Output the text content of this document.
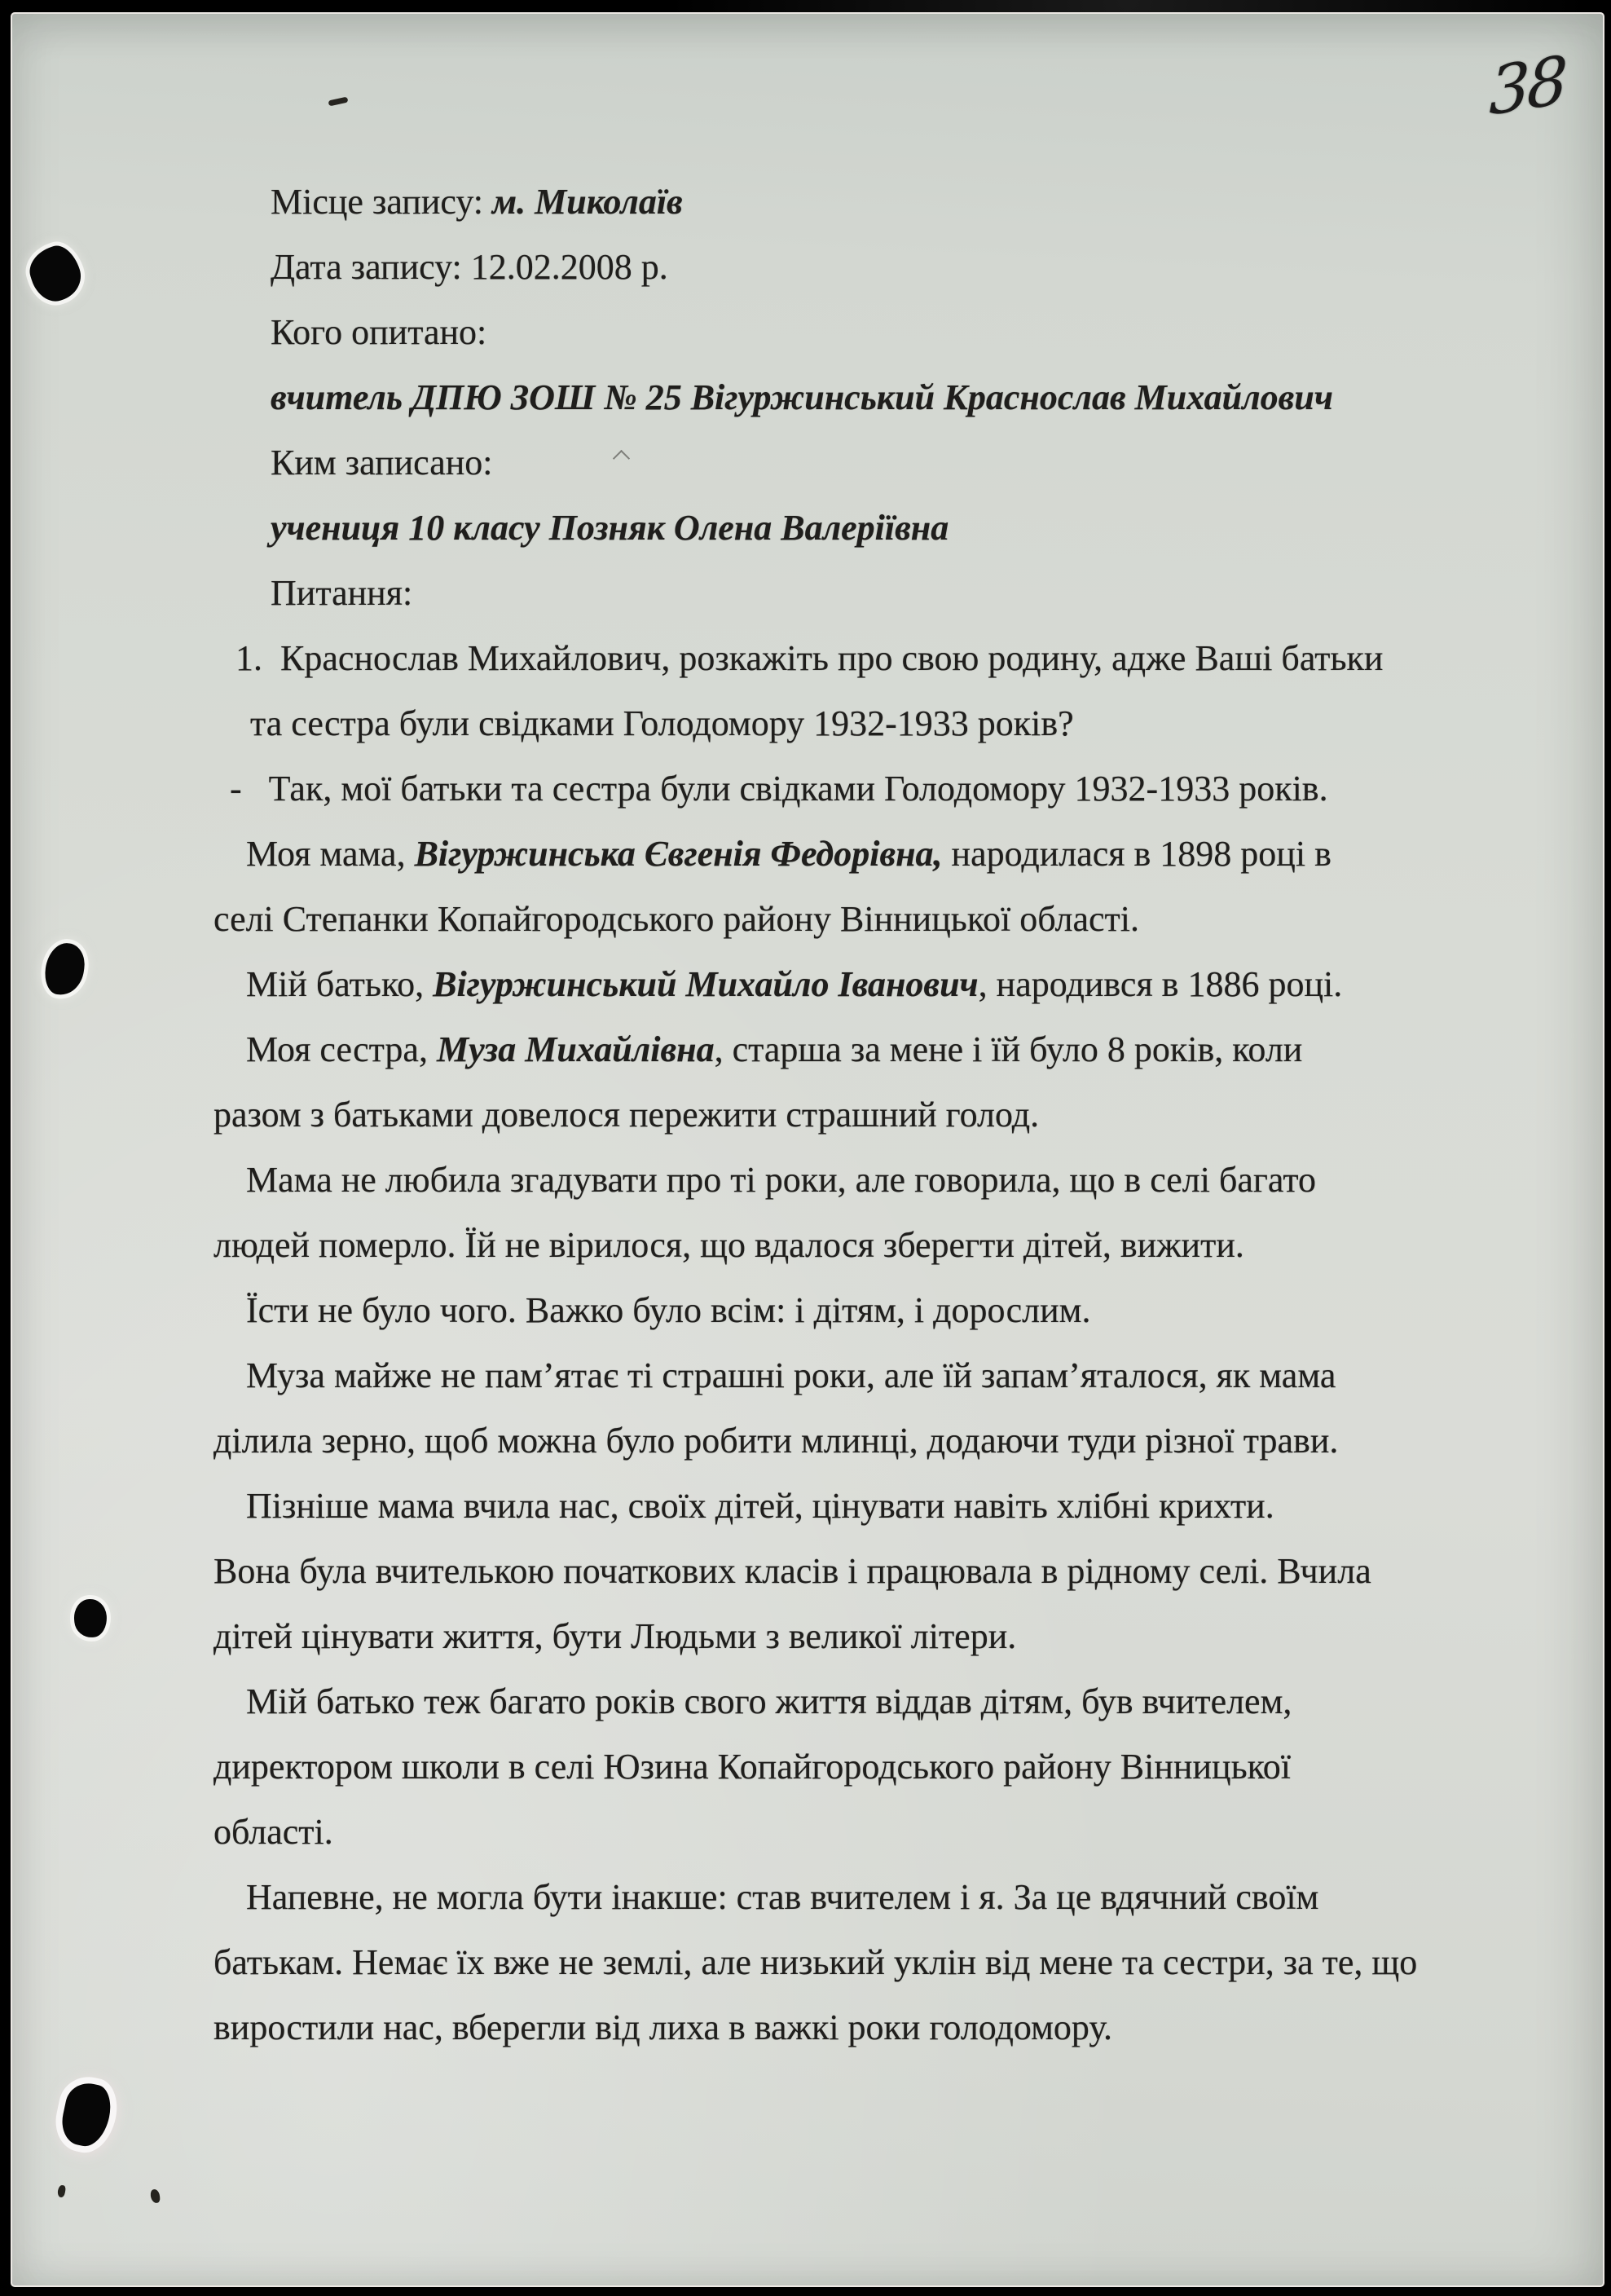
38
Місце запису: м. Миколаїв
Дата запису: 12.02.2008 р.
Кого опитано:
вчитель ДПЮ ЗОШ № 25 Вігуржинський Краснослав Михайлович
Ким записано:
учениця 10 класу Позняк Олена Валеріївна
Питання:
1.  Краснослав Михайлович, розкажіть про свою родину, адже Ваші батьки
та сестра були свідками Голодомору 1932-1933 років?
-   Так, мої батьки та сестра були свідками Голодомору 1932-1933 років.
Моя мама, Вігуржинська Євгенія Федорівна, народилася в 1898 році в
селі Степанки Копайгородського району Вінницької області.
Мій батько, Вігуржинський Михайло Іванович, народився в 1886 році.
Моя сестра, Муза Михайлівна, старша за мене і їй було 8 років, коли
разом з батьками довелося пережити страшний голод.
Мама не любила згадувати про ті роки, але говорила, що в селі багато
людей померло. Їй не вірилося, що вдалося зберегти дітей, вижити.
Їсти не було чого. Важко було всім: і дітям, і дорослим.
Муза майже не пам’ятає ті страшні роки, але їй запам’яталося, як мама
ділила зерно, щоб можна було робити млинці, додаючи туди різної трави.
Пізніше мама вчила нас, своїх дітей, цінувати навіть хлібні крихти.
Вона була вчителькою початкових класів і працювала в рідному селі. Вчила
дітей цінувати життя, бути Людьми з великої літери.
Мій батько теж багато років свого життя віддав дітям, був вчителем,
директором школи в селі Юзина Копайгородського району Вінницької
області.
Напевне, не могла бути інакше: став вчителем і я. За це вдячний своїм
батькам. Немає їх вже не землі, але низький уклін від мене та сестри, за те, що
виростили нас, вберегли від лиха в важкі роки голодомору.
